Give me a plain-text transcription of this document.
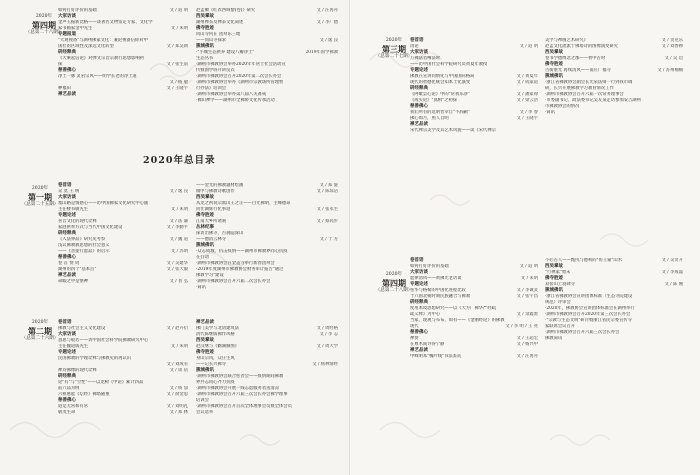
2020年总目录
2020年
第四期
（总第二十八期）
如何打好评价的基础	文 / 道 明
大家访谈
金声玉振新比格——谈著名文物鉴定专家、文化学
家书画家金中先生	文 / 朱明
专题报道
"大观视备"与湖州佛家文化：兼论视备信仰对中
国社的区域性及深远文化转型	文 / 郑昊朗
研经释典
《大乘起信论》对弹文宗旨宗教行思想影响初
探	文 / 张生前
慈善佛心
净土一脉 灵岩宗风——明学长老的净土道
文 / 杨 敏
种福田	文 / 王晓宇
禅艺品读
赵孟頫《红衣西域僧(卷)》研究	文 / 汪再舟
西吴掌故
湖州禅茶及禅茶文化简述	文 / 李广德
佛寺胜迹
同山寺何在 团拜乐三地
——同山寺探求	文 / 逸 良
簇城佛讯
·"小城生态供养 建设八瓣净土"	2019年国学佛教
生态丛书
·湖州市佛教协会举办2020年年居士社会活动宣
传暨国学班开讲仪式
·湖州市佛教协会召开2020年第二次会长办会
·湖州市佛教协会举办《湖州市宗教场所管理暂
行办法》培训会
·湖州市佛教协会举办第八届八关斋戒
·佛山禅学——湖州市全佛协文化传承活动
2020年
第一期
（总第二十五期）
卷首语
众 莫 王 统	文 / 逸 良
大家访谈
塞山路是情感心——访中国佛家文化研究中心副
主任楼书敏先生	文 / 朱明
专题论述
喜音文化的现代诠释	文 / 法 谦
家庭供奉方式与当代中国文化建设	文 / 李勤平
研经释典
《入法界品》研究史考察	文 / 魏 道
浅议佛教教思想的社会意义
——《菩提行愿品》的启示	文 / 苏明
慈善佛心
卷 首 赞 词	文 / 吴建华
湖州的四个"基本点"	文 / 张大毅
禅艺品读
命暇之中是惬神	文 / 普 弘
——金光的佛教题材绘画	文 / 郑 旋
微中与佛教诗歌创作	文 / 陈琼洁
西吴掌故
从龙之初说宗派山王之正——白光佛明、主峰德昂
同仕湖辉行化事迹	文 / 张永生
佛寺胜迹
江南大乡所诸刹	文 / 蔡高步
丛林纪事
探访出佛寺，古刹隐深山
——德清云林寺	文 / 十 方
簇城佛讯
·众志成城，抗击疫情——湖州市佛教界同心抗疫
在行动
·湖州市佛教协会在金盖寺举行新春团拜会
·2019年度湖州市佛教协会财务审计报告"通过
佛教学习"建设
·湖州市佛教协会召开六届二次会长办会
·简讯
2020年
第二期
（总第二十六期）
卷首语
佛教与社会主义文化建设	文 / 赵卉衍
大家访谈
意思与般若——访中国社会科学院佛教研究中心
主任魏道儒先生	文 / 朱明
专题论述
民国佛教的学理诠释与佛教史的再认识
文 / 刘成有
禅诗佛像的现代诠释	文 / 谈 蓓
研经释典
论"有"与"空性"——以龙树《中论》累计四品
前六品为例	文 / 杨 茄
六祖惠能《坛经》佛塔随重	文 / 俞金思
慈善佛心
道是无常和有常	文 / 刘明礼
敬茂生命	文 / 郑 林
禅艺品读
佛门美学与北清建筑法	文 / 周经格
清代陈继儒佛作风格	文 / 李 志
西吴掌故
赵汉继与《鹳湖颐图》	文 / 周大学
佛寺胜迹
身山宗风，众庄生风
——记长兴佛寺	文 / 杨林情经
簇城佛讯
·湖州市佛教协会联合慈善会——疫情期间佛教
界共志同心齐力抗疫
·湖州市佛教协会开展一线志愿服务者送清凉
·湖州市佛教协会召开六届三次会长办会佛学理事
培训会
·湖州市佛教协会召开首次全体理事会员暨全体会员
会议选举
2020年
第三期
（总第二十七期）
卷首语
再论	文 / 道 明
大家访谈
万佛法者傳法时
——访中国社会科学院研究员黄夏年教授
专题论述
佛教在宣讲同情化与中国国际格局	文 / 黄夏年
现代的智德化统会知本土化演变	文 / 成家道
研经释典
《阿毗昙心论》中的"常我乐净"	文 / 潘家禄
《成实论》"真相"之初探	文 / 梁云浩
慈善佛心
我们所有的选明皆幸自"不辞嗣"	文 / 李 春
佛心如月，照人自明	文 / 王晓宇
禅艺品读
宋代禅宗美学及其艺术风貌——读《宋代禅宗
美学与禅画艺术研究》	文 / 贺克乐
赵孟文化流派于佛塔诗的图像演变研究	文 / 刘香穆
西吴掌故
卷书学德博悲之郡——智中古时	文 / 吴 迅
佛寺胜迹
古街重光 再续清风——南庄广福寺	文 / 苏州楠楠
簇城佛讯
·浙江省佛教协会副会长光泉法师一行到我市调
研，长兴开展佛教学习教育情况工作
·湖州市佛教协会召开六届一次常务理事会
·市委副书记、政法委书记吴友某走访参加安吉湖州
市佛教协会的情况
·简讯
2020年
第四期
（总第二十八期）
卷首语
如何打好评价的基础	文 / 道 明
大家访谈
愿律清风——黄佛光老访谈	文 / 朱明
专题论述
慈华与格勒的中国化进程比较	文 / 李诚灵
十六国北朝时期民族融合与佛教	文 / 张宇昌
研经释典
度用本境思想研究——以《大方广佛华严经疏
疏义释》为中心	文 / 余鑫蕾
当家、现观与布布，如有——《金刚经论》的佛教
现代	文 / 李 明 / 王 亮
慈善佛心
禅赞	文 / 王超宏
在尊木间寻得宁静	文 / 杨兴中
禅艺品读
中峰明本"槐叶线"书法鉴赏	文 / 汪再舟
不必古人——甄戌与德初的"仿王蒙"山水	文 / 吴奇升
西吴掌故
"行禅家"始末	文 / 李成磊
佛寺胜迹
双髻山上羽降寺	文 / 陈 刚
簇城佛讯
·浙江省佛教协会宣讲团体标准（生态寺院建设
规范）评审会
·2020年，佛教协会宣讲团体标准会在湖州举行
·湖州市佛教协会召开2020年第三次会长办会
·"宗教与生态文明"研讨暨浙江省民宗委宣传寺
家联席会议召开
·湖州市佛教协会召开六届三次会长办会
佛教简讯
